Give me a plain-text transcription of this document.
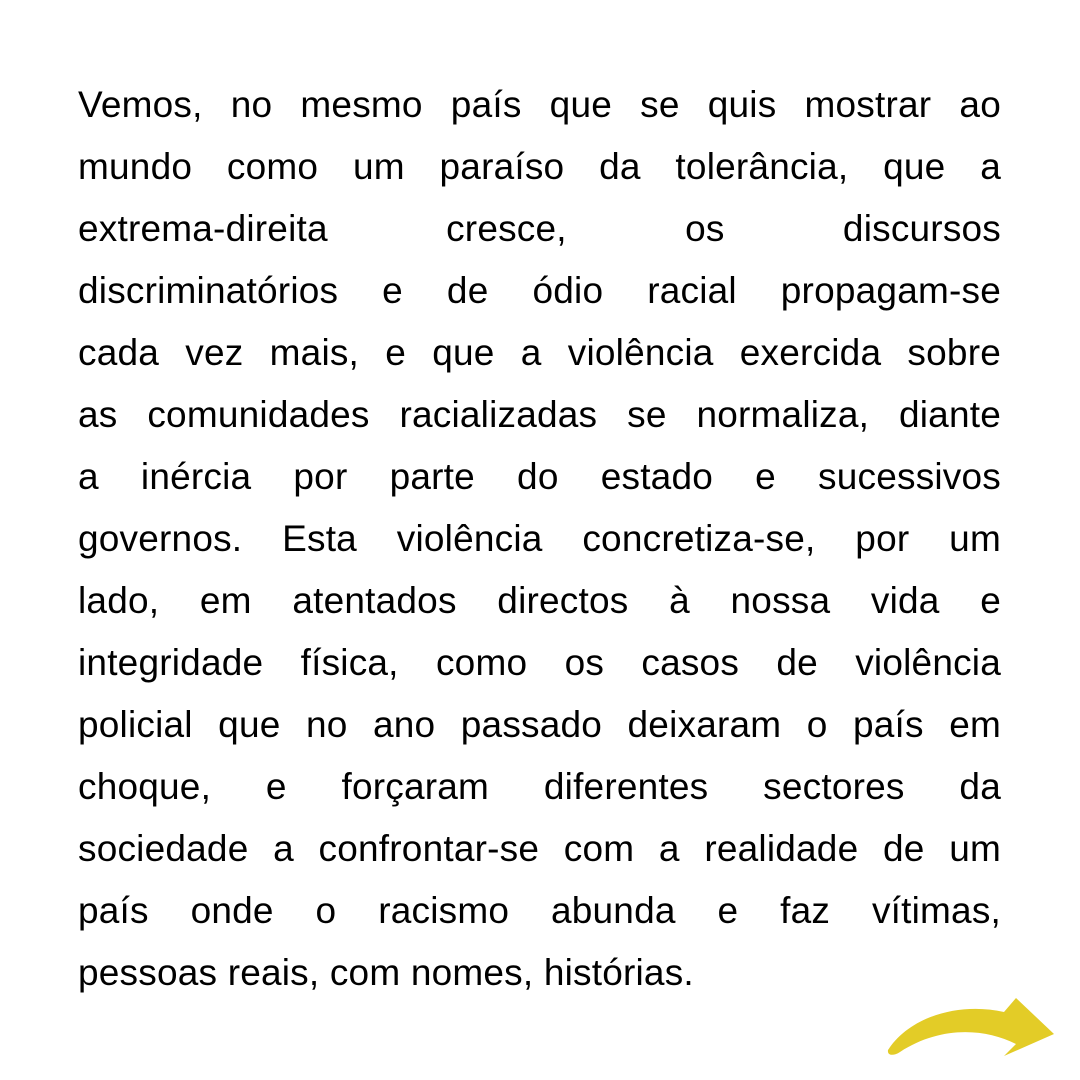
Vemos, no mesmo país que se quis mostrar ao
mundo como um paraíso da tolerância, que a
extrema-direita cresce, os discursos
discriminatórios e de ódio racial propagam-se
cada vez mais, e que a violência exercida sobre
as comunidades racializadas se normaliza, diante
a inércia por parte do estado e sucessivos
governos. Esta violência concretiza-se, por um
lado, em atentados directos à nossa vida e
integridade física, como os casos de violência
policial que no ano passado deixaram o país em
choque, e forçaram diferentes sectores da
sociedade a confrontar-se com a realidade de um
país onde o racismo abunda e faz vítimas,
pessoas reais, com nomes, histórias.
